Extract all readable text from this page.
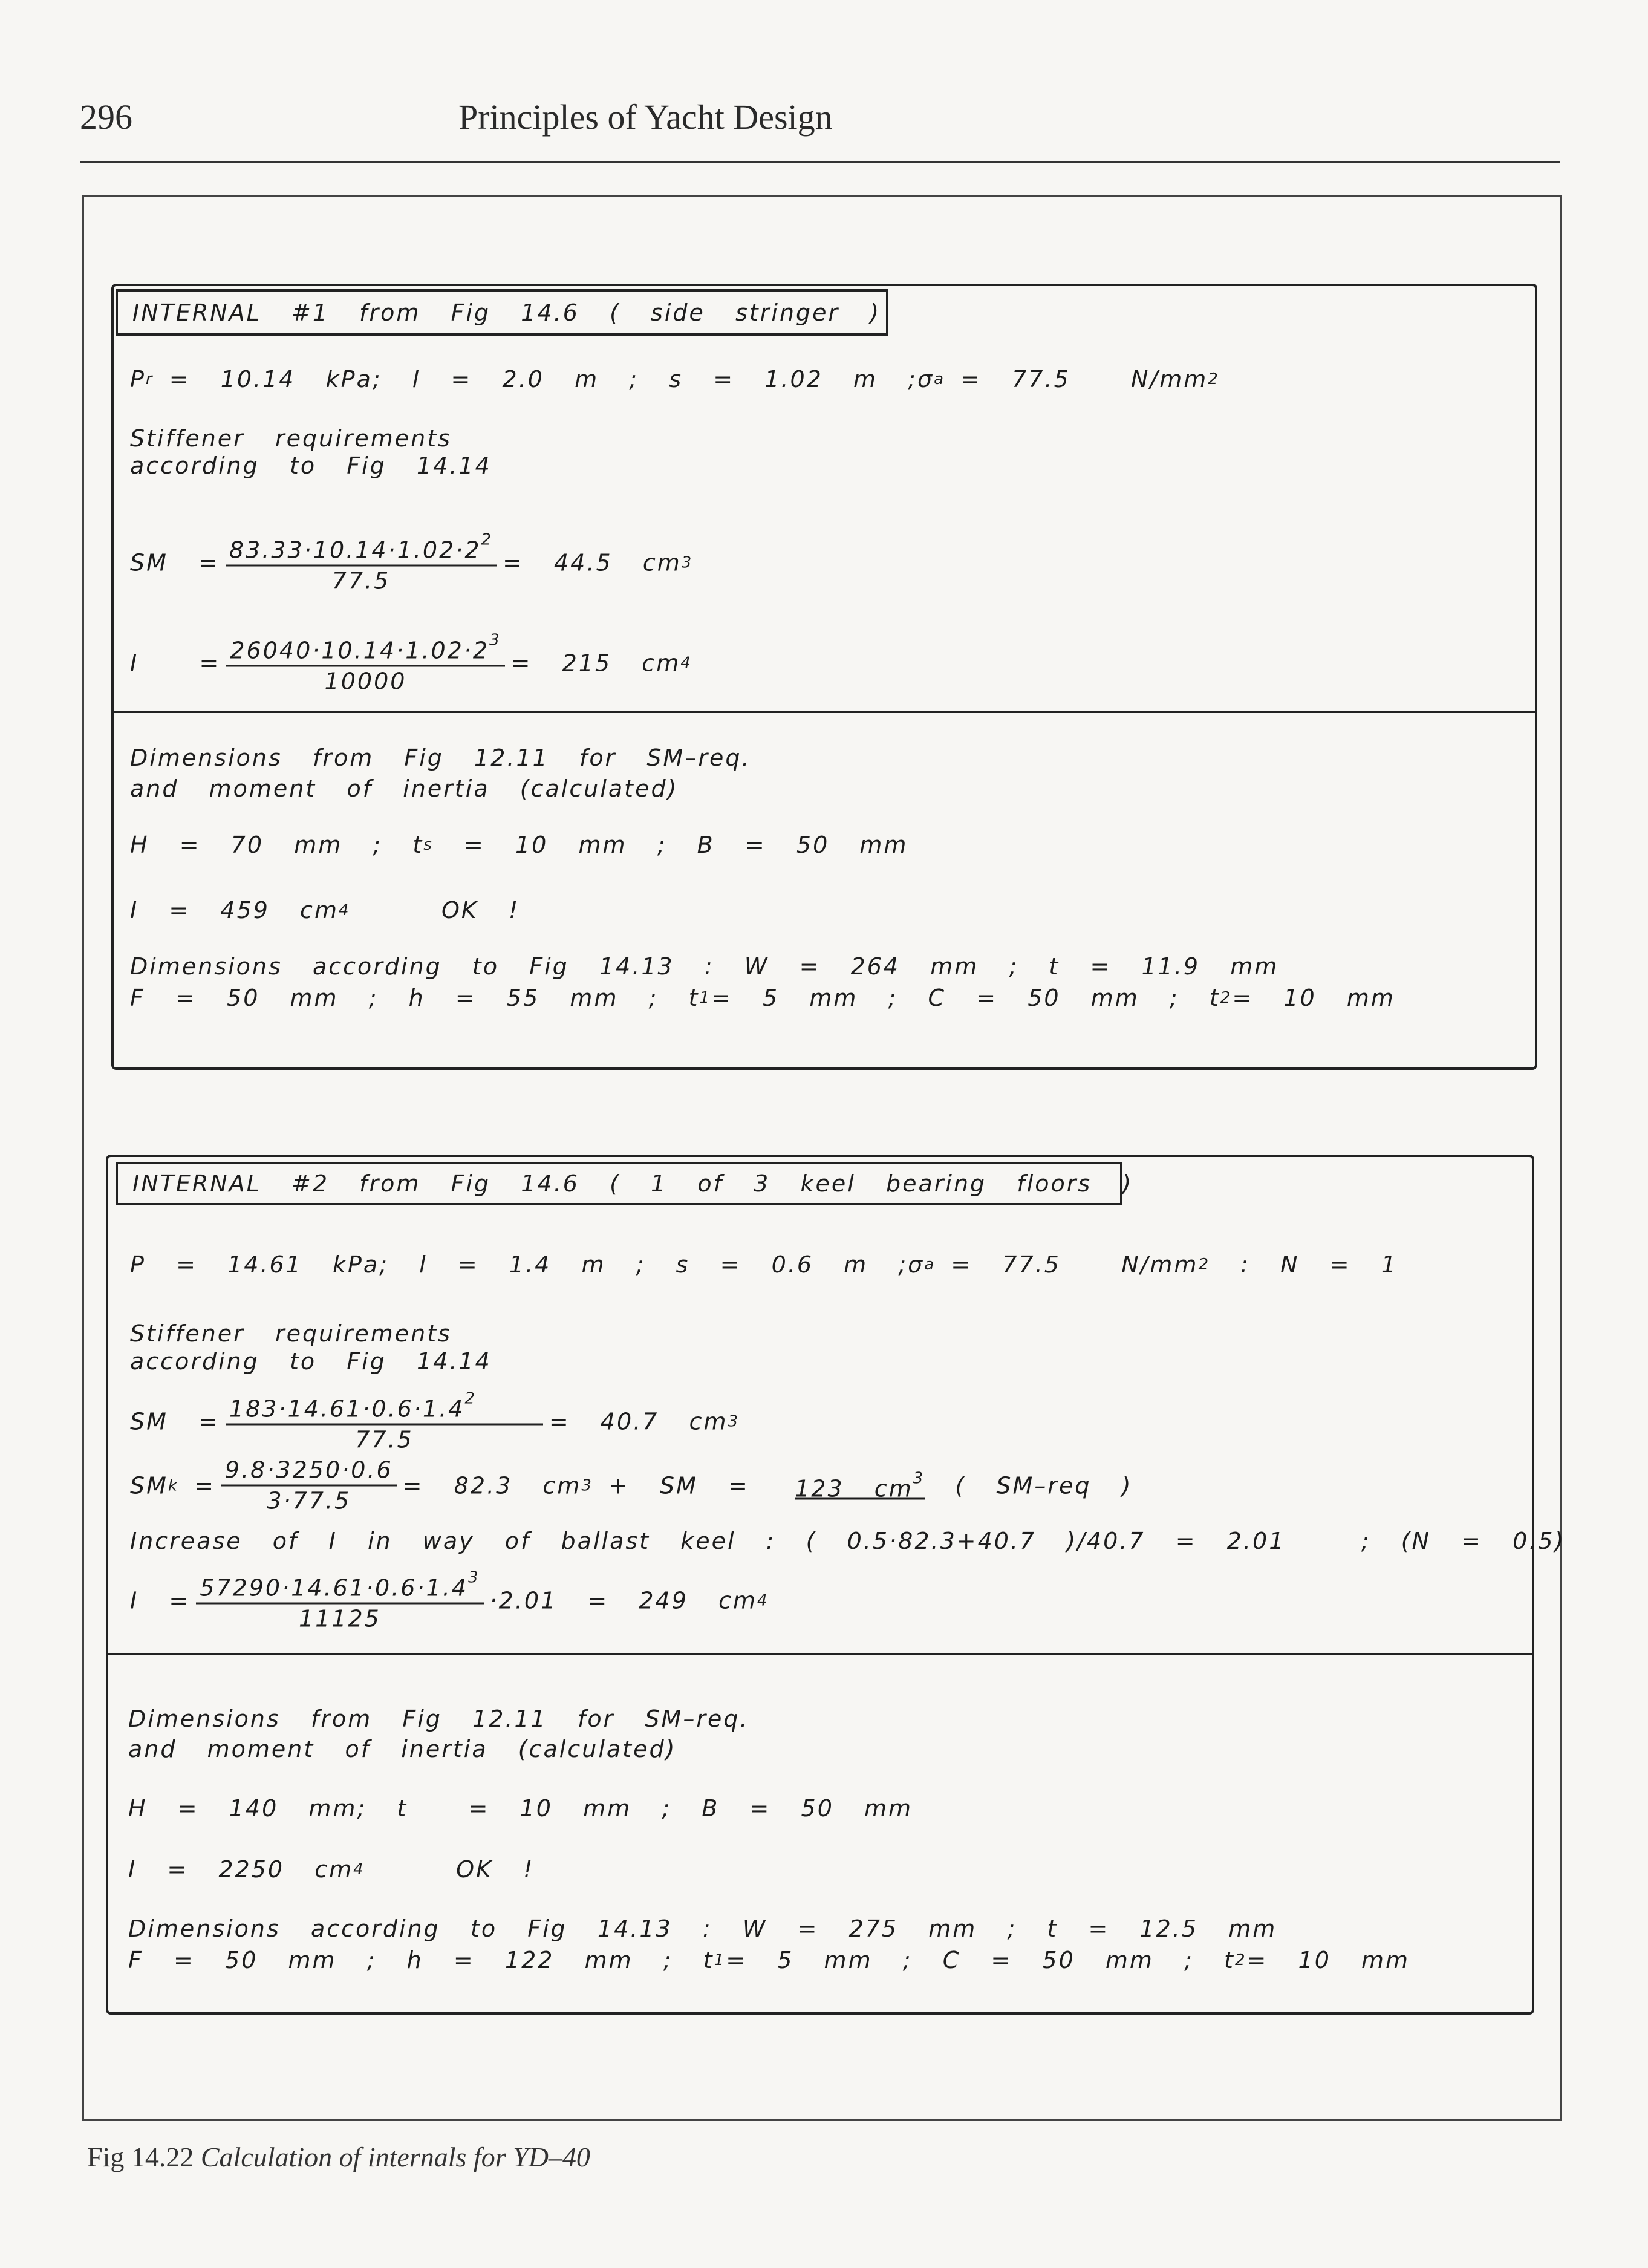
296	Principles of Yacht Design
INTERNAL  #1  from  Fig  14.6  (  side  stringer  )
P r =  10.14  kPa;  l  =  2.0  m  ;  s  =  1.02  m  ; σ a =  77.5    N/mm 2
Stiffener  requirements
according  to  Fig  14.14
SM  = $\frac{83.33\cdot 10.14\cdot 1.02\cdot 2^2}{77.5} = 44.5$  cm 3
I    = $\frac{26040\cdot 10.14\cdot 1.02\cdot 2^3}{10000} = 215$  cm 4
Dimensions  from  Fig  12.11  for  SM–req.
and  moment  of  inertia  (calculated)
H  =  70  mm  ;  t s =  10  mm  ;  B  =  50  mm
I  =  459  cm 4 OK  !
Dimensions  according  to  Fig  14.13  :  W  =  264  mm  ;  t  =  11.9  mm
F  =  50  mm  ;  h  =  55  mm  ;  t 1 =  5  mm  ;  C  =  50  mm  ;  t 2 =  10  mm
INTERNAL  #2  from  Fig  14.6  (  1  of  3  keel  bearing  floors  )
P  =  14.61  kPa;  l  =  1.4  m  ;  s  =  0.6  m  ; σ a =  77.5    N/mm 2 :  N  =  1
Stiffener  requirements
according  to  Fig  14.14
SM  = $\frac{183\cdot 14.61\cdot 0.6\cdot 1.4^2}{77.5} = 40.7$  cm 3
SM $k = \frac{9.8\cdot 3250\cdot 0.6}{3\cdot 77.5} = 82.3$  cm 3 +  SM  = 123  $cm^3$ (  SM–req  )
Increase  of  I  in  way  of  ballast  keel  :  (  0.5·82.3+40.7  )/40.7  =  2.01     ;  (N  =  0.5)
$I = \frac{57290\cdot 14.61\cdot 0.6\cdot 1.4^3}{11125} \cdot 2.01 = 249$  cm 4
Dimensions  from  Fig  12.11  for  SM–req.
and  moment  of  inertia  (calculated)
H  =  140  mm;  t    =  10  mm  ;  B  =  50  mm
I  =  2250  cm 4 OK  !
Dimensions  according  to  Fig  14.13  :  W  =  275  mm  ;  t  =  12.5  mm
F  =  50  mm  ;  h  =  122  mm  ;  t 1 =  5  mm  ;  C  =  50  mm  ;  t 2 =  10  mm
Fig 14.22 Calculation of internals for YD–40
